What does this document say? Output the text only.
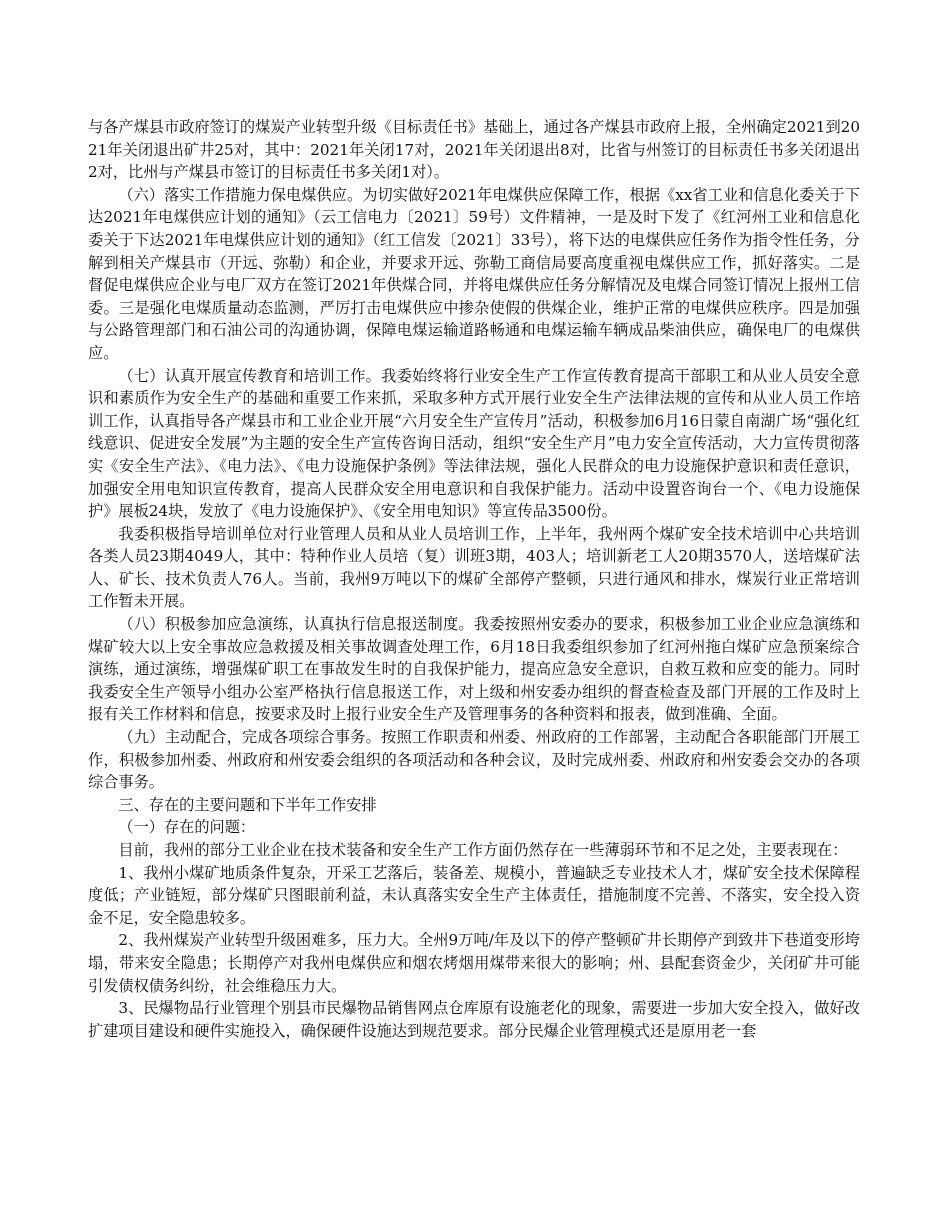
与各产煤县市政府签订的煤炭产业转型升级《目标责任书》基础上，通过各产煤县市政府上报，全州确定2021到2021年关闭退出矿井25对，其中：2021年关闭17对，2021年关闭退出8对，比省与州签订的目标责任书多关闭退出2对，比州与产煤县市签订的目标责任书多关闭1对）。

（六）落实工作措施力保电煤供应。为切实做好2021年电煤供应保障工作，根据《xx省工业和信息化委关于下达2021年电煤供应计划的通知》（云工信电力〔2021〕59号）文件精神，一是及时下发了《红河州工业和信息化委关于下达2021年电煤供应计划的通知》（红工信发〔2021〕33号），将下达的电煤供应任务作为指令性任务，分解到相关产煤县市（开远、弥勒）和企业，并要求开远、弥勒工商信局要高度重视电煤供应工作，抓好落实。二是督促电煤供应企业与电厂双方在签订2021年供煤合同，并将电煤供应任务分解情况及电煤合同签订情况上报州工信委。三是强化电煤质量动态监测，严厉打击电煤供应中掺杂使假的供煤企业，维护正常的电煤供应秩序。四是加强与公路管理部门和石油公司的沟通协调，保障电煤运输道路畅通和电煤运输车辆成品柴油供应，确保电厂的电煤供应。

（七）认真开展宣传教育和培训工作。我委始终将行业安全生产工作宣传教育提高干部职工和从业人员安全意识和素质作为安全生产的基础和重要工作来抓，采取多种方式开展行业安全生产法律法规的宣传和从业人员工作培训工作，认真指导各产煤县市和工业企业开展“六月安全生产宣传月”活动，积极参加6月16日蒙自南湖广场“强化红线意识、促进安全发展”为主题的安全生产宣传咨询日活动，组织“安全生产月”电力安全宣传活动，大力宣传贯彻落实《安全生产法》、《电力法》、《电力设施保护条例》等法律法规，强化人民群众的电力设施保护意识和责任意识，加强安全用电知识宣传教育，提高人民群众安全用电意识和自我保护能力。活动中设置咨询台一个、《电力设施保护》展板24块，发放了《电力设施保护》、《安全用电知识》等宣传品3500份。

我委积极指导培训单位对行业管理人员和从业人员培训工作，上半年，我州两个煤矿安全技术培训中心共培训各类人员23期4049人，其中：特种作业人员培（复）训班3期，403人；培训新老工人20期3570人，送培煤矿法人、矿长、技术负责人76人。当前，我州9万吨以下的煤矿全部停产整顿，只进行通风和排水，煤炭行业正常培训工作暂未开展。

（八）积极参加应急演练，认真执行信息报送制度。我委按照州安委办的要求，积极参加工业企业应急演练和煤矿较大以上安全事故应急救援及相关事故调查处理工作，6月18日我委组织参加了红河州拖白煤矿应急预案综合演练，通过演练，增强煤矿职工在事故发生时的自我保护能力，提高应急安全意识，自救互救和应变的能力。同时我委安全生产领导小组办公室严格执行信息报送工作，对上级和州安委办组织的督查检查及部门开展的工作及时上报有关工作材料和信息，按要求及时上报行业安全生产及管理事务的各种资料和报表，做到准确、全面。

（九）主动配合，完成各项综合事务。按照工作职责和州委、州政府的工作部署，主动配合各职能部门开展工作，积极参加州委、州政府和州安委会组织的各项活动和各种会议，及时完成州委、州政府和州安委会交办的各项综合事务。

三、存在的主要问题和下半年工作安排

（一）存在的问题：

目前，我州的部分工业企业在技术装备和安全生产工作方面仍然存在一些薄弱环节和不足之处，主要表现在：

1、我州小煤矿地质条件复杂，开采工艺落后，装备差、规模小，普遍缺乏专业技术人才，煤矿安全技术保障程度低；产业链短，部分煤矿只图眼前利益，未认真落实安全生产主体责任，措施制度不完善、不落实，安全投入资金不足，安全隐患较多。

2、我州煤炭产业转型升级困难多，压力大。全州9万吨/年及以下的停产整顿矿井长期停产到致井下巷道变形垮塌，带来安全隐患；长期停产对我州电煤供应和烟农烤烟用煤带来很大的影响；州、县配套资金少，关闭矿井可能引发债权债务纠纷，社会维稳压力大。

3、民爆物品行业管理个别县市民爆物品销售网点仓库原有设施老化的现象，需要进一步加大安全投入，做好改扩建项目建设和硬件实施投入，确保硬件设施达到规范要求。部分民爆企业管理模式还是原用老一套
